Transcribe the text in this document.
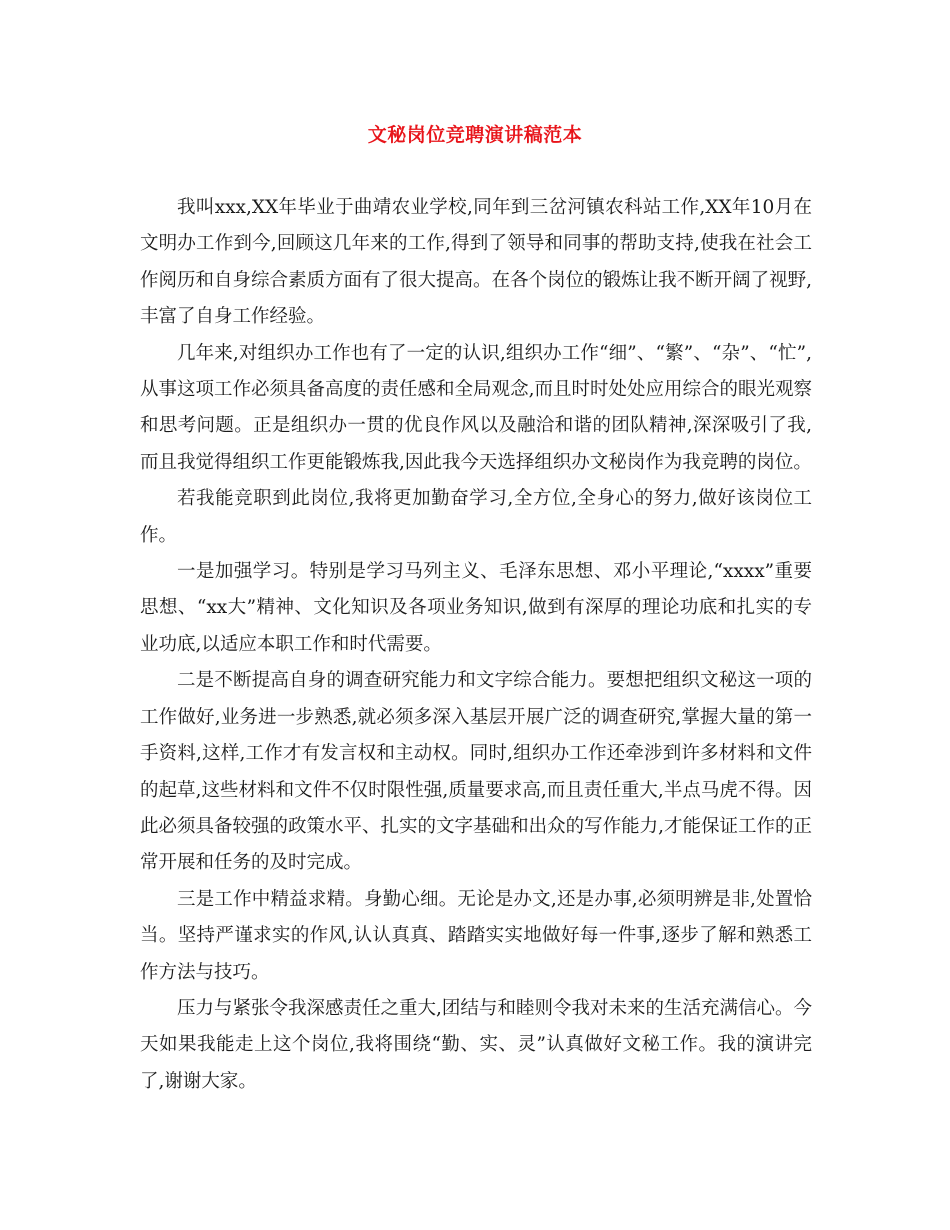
文秘岗位竞聘演讲稿范本

我叫xxx,XX年毕业于曲靖农业学校,同年到三岔河镇农科站工作,XX年10月在文明办工作到今,回顾这几年来的工作,得到了领导和同事的帮助支持,使我在社会工作阅历和自身综合素质方面有了很大提高。在各个岗位的锻炼让我不断开阔了视野,丰富了自身工作经验。

几年来,对组织办工作也有了一定的认识,组织办工作“细”、“繁”、“杂”、“忙”,从事这项工作必须具备高度的责任感和全局观念,而且时时处处应用综合的眼光观察和思考问题。正是组织办一贯的优良作风以及融洽和谐的团队精神,深深吸引了我,而且我觉得组织工作更能锻炼我,因此我今天选择组织办文秘岗作为我竞聘的岗位。

若我能竞职到此岗位,我将更加勤奋学习,全方位,全身心的努力,做好该岗位工作。

一是加强学习。特别是学习马列主义、毛泽东思想、邓小平理论,“xxxx”重要思想、“xx大”精神、文化知识及各项业务知识,做到有深厚的理论功底和扎实的专业功底,以适应本职工作和时代需要。

二是不断提高自身的调查研究能力和文字综合能力。要想把组织文秘这一项的工作做好,业务进一步熟悉,就必须多深入基层开展广泛的调查研究,掌握大量的第一手资料,这样,工作才有发言权和主动权。同时,组织办工作还牵涉到许多材料和文件的起草,这些材料和文件不仅时限性强,质量要求高,而且责任重大,半点马虎不得。因此必须具备较强的政策水平、扎实的文字基础和出众的写作能力,才能保证工作的正常开展和任务的及时完成。

三是工作中精益求精。身勤心细。无论是办文,还是办事,必须明辨是非,处置恰当。坚持严谨求实的作风,认认真真、踏踏实实地做好每一件事,逐步了解和熟悉工作方法与技巧。

压力与紧张令我深感责任之重大,团结与和睦则令我对未来的生活充满信心。今天如果我能走上这个岗位,我将围绕“勤、实、灵”认真做好文秘工作。我的演讲完了,谢谢大家。
